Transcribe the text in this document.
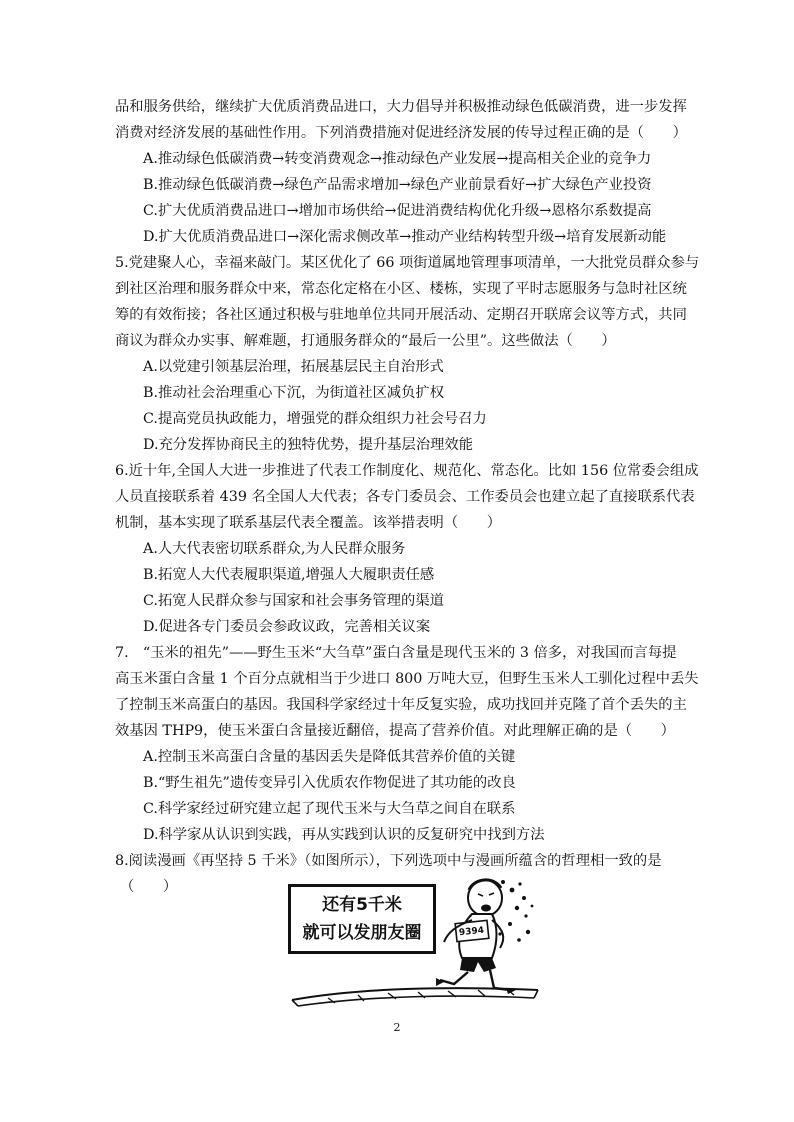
品和服务供给，继续扩大优质消费品进口，大力倡导并积极推动绿色低碳消费，进一步发挥
消费对经济发展的基础性作用。下列消费措施对促进经济发展的传导过程正确的是（　　）
A.推动绿色低碳消费→转变消费观念→推动绿色产业发展→提高相关企业的竞争力
B.推动绿色低碳消费→绿色产品需求增加→绿色产业前景看好→扩大绿色产业投资
C.扩大优质消费品进口→增加市场供给→促进消费结构优化升级→恩格尔系数提高
D.扩大优质消费品进口→深化需求侧改革→推动产业结构转型升级→培育发展新动能
5.党建聚人心，幸福来敲门。某区优化了 66 项街道属地管理事项清单，一大批党员群众参与
到社区治理和服务群众中来，常态化定格在小区、楼栋，实现了平时志愿服务与急时社区统
筹的有效衔接；各社区通过积极与驻地单位共同开展活动、定期召开联席会议等方式，共同
商议为群众办实事、解难题，打通服务群众的“最后一公里”。这些做法（　　）
A.以党建引领基层治理，拓展基层民主自治形式
B.推动社会治理重心下沉，为街道社区减负扩权
C.提高党员执政能力，增强党的群众组织力社会号召力
D.充分发挥协商民主的独特优势，提升基层治理效能
6.近十年,全国人大进一步推进了代表工作制度化、规范化、常态化。比如 156 位常委会组成
人员直接联系着 439 名全国人大代表；各专门委员会、工作委员会也建立起了直接联系代表
机制，基本实现了联系基层代表全覆盖。该举措表明（　　）
A.人大代表密切联系群众,为人民群众服务
B.拓宽人大代表履职渠道,增强人大履职责任感
C.拓宽人民群众参与国家和社会事务管理的渠道
D.促进各专门委员会参政议政，完善相关议案
7.　“玉米的祖先”——野生玉米“大刍草”蛋白含量是现代玉米的 3 倍多，对我国而言每提
高玉米蛋白含量 1 个百分点就相当于少进口 800 万吨大豆，但野生玉米人工驯化过程中丢失
了控制玉米高蛋白的基因。我国科学家经过十年反复实验，成功找回并克隆了首个丢失的主
效基因 THP9，使玉米蛋白含量接近翻倍，提高了营养价值。对此理解正确的是（　　）
A.控制玉米高蛋白含量的基因丢失是降低其营养价值的关键
B.“野生祖先”遗传变异引入优质农作物促进了其功能的改良
C.科学家经过研究建立起了现代玉米与大刍草之间自在联系
D.科学家从认识到实践，再从实践到认识的反复研究中找到方法
8.阅读漫画《再坚持 5 千米》（如图所示），下列选项中与漫画所蕴含的哲理相一致的是
（　　）
还有5千米
就可以发朋友圈	9394
2
